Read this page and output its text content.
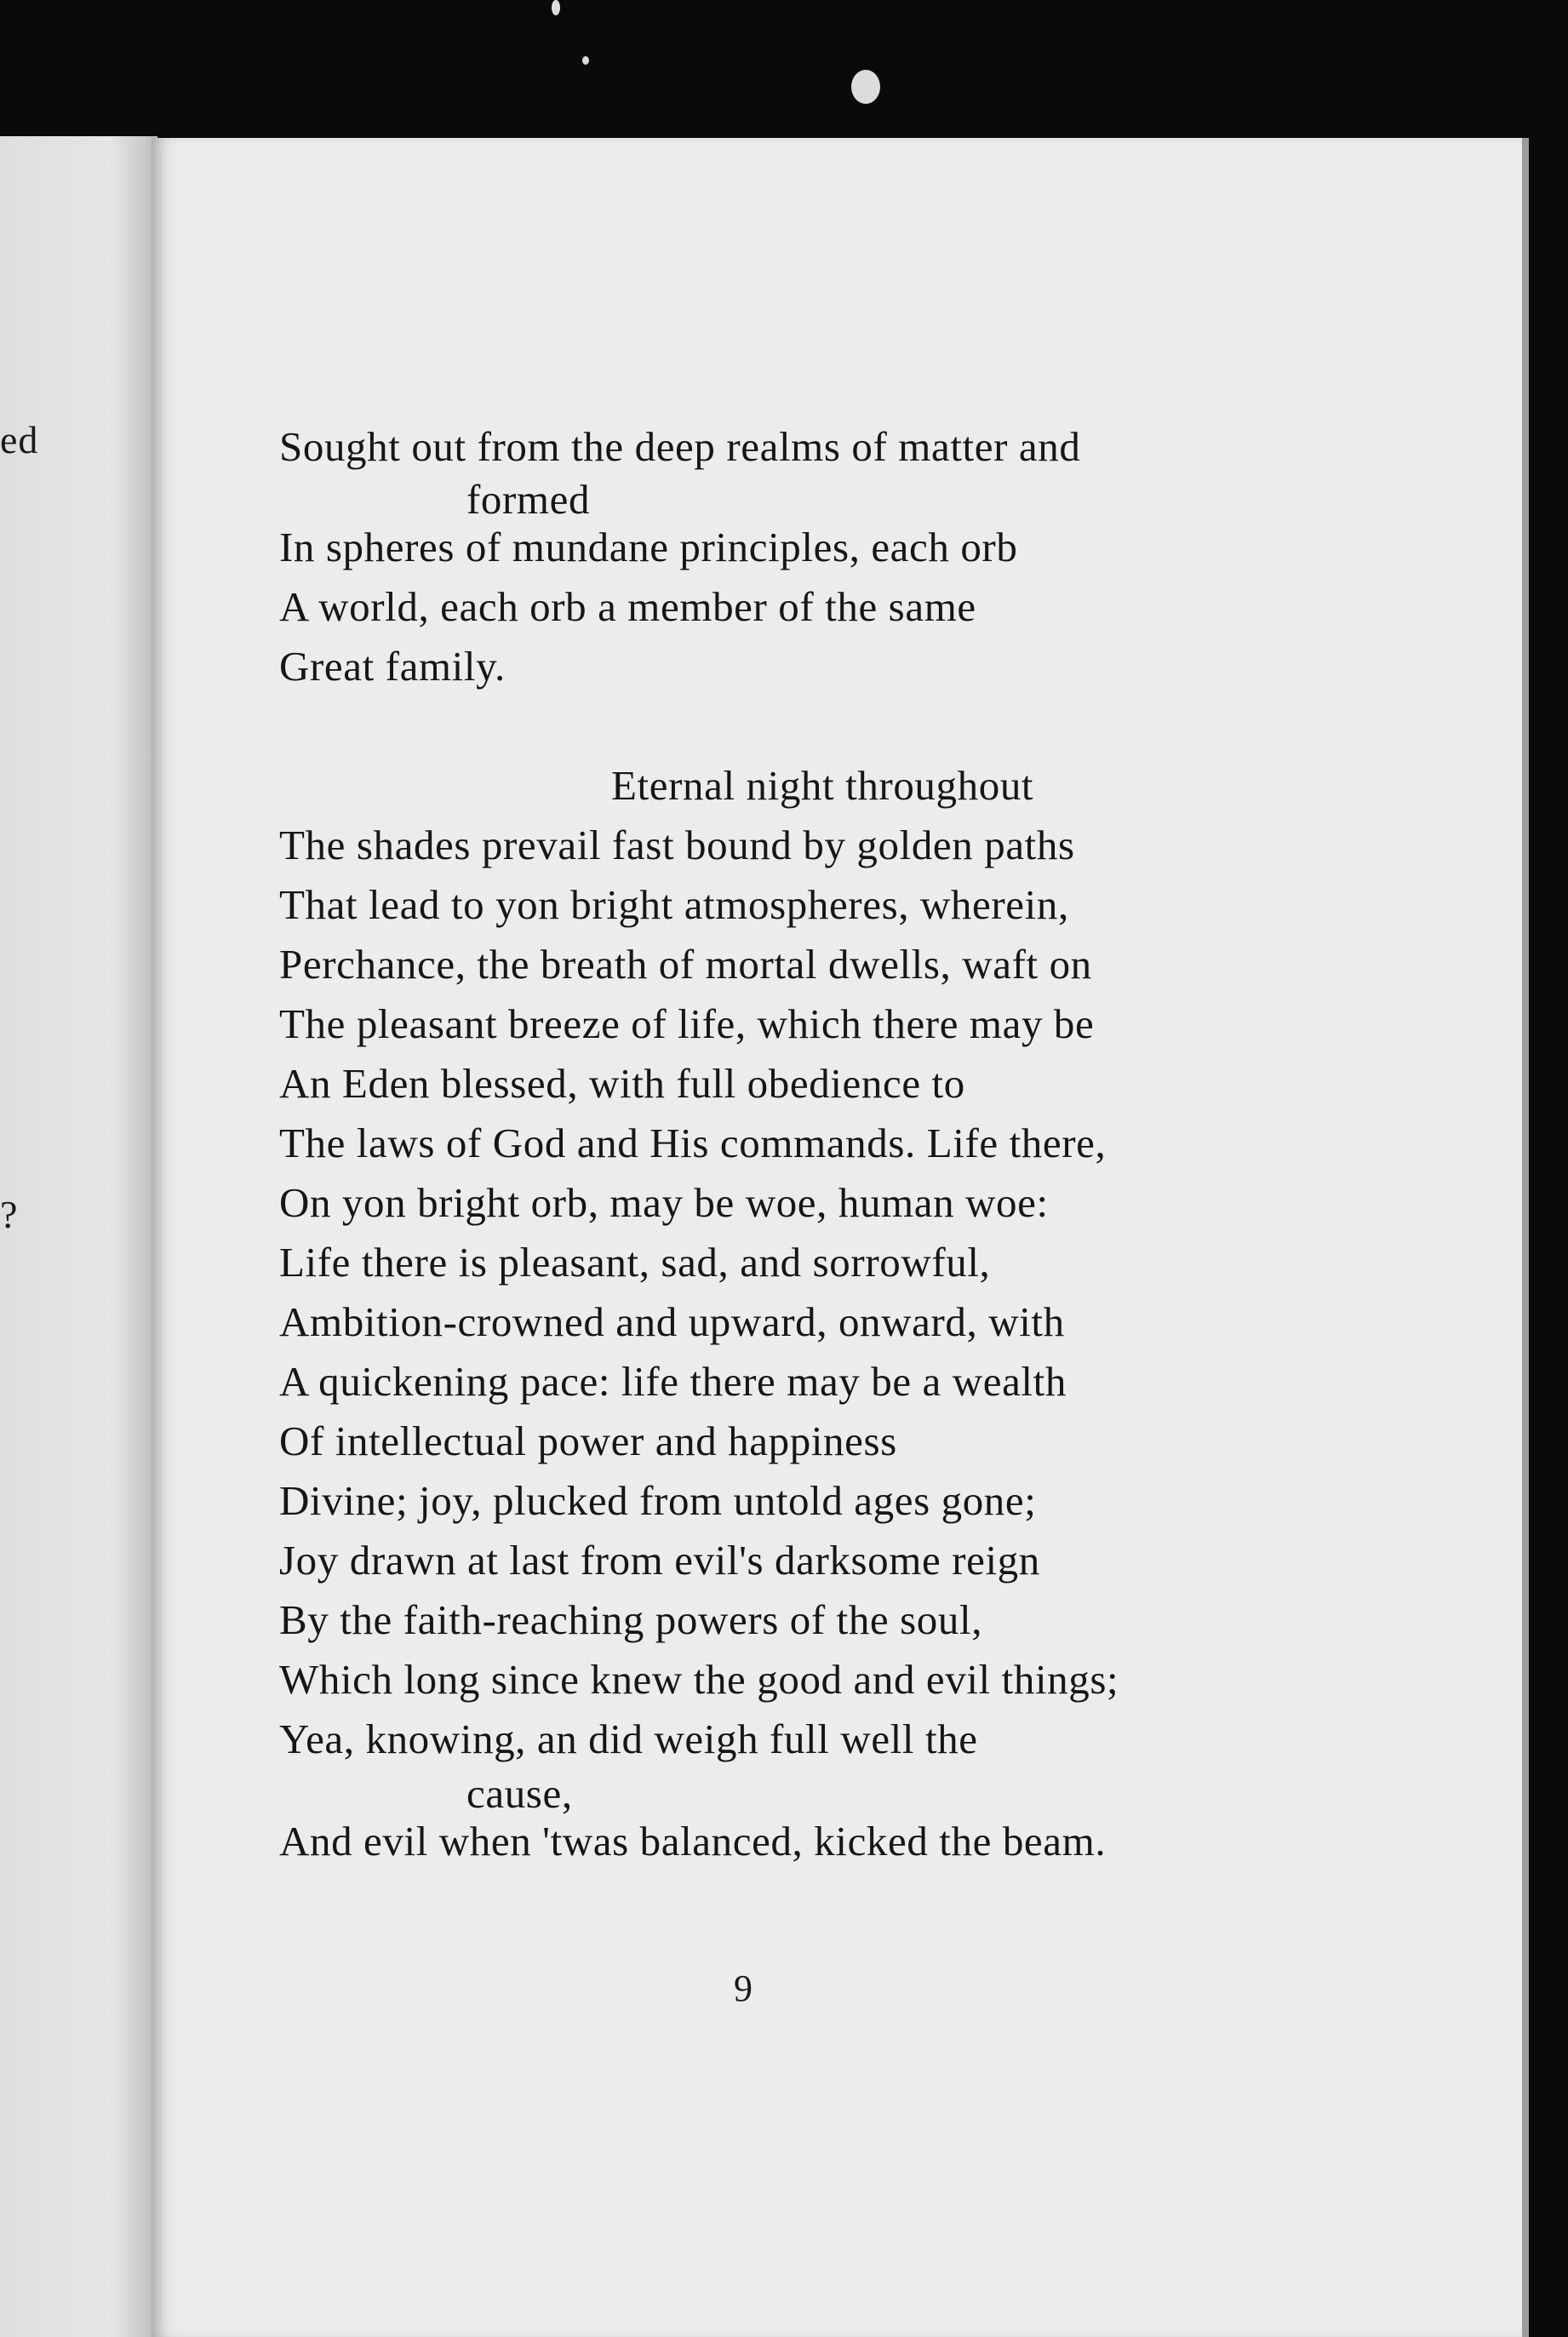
ed
?
Sought out from the deep realms of matter and
formed
In spheres of mundane principles, each orb
A world, each orb a member of the same
Great family.
Eternal night throughout
The shades prevail fast bound by golden paths
That lead to yon bright atmospheres, wherein,
Perchance, the breath of mortal dwells, waft on
The pleasant breeze of life, which there may be
An Eden blessed, with full obedience to
The laws of God and His commands. Life there,
On yon bright orb, may be woe, human woe:
Life there is pleasant, sad, and sorrowful,
Ambition-crowned and upward, onward, with
A quickening pace: life there may be a wealth
Of intellectual power and happiness
Divine; joy, plucked from untold ages gone;
Joy drawn at last from evil's darksome reign
By the faith-reaching powers of the soul,
Which long since knew the good and evil things;
Yea, knowing, an did weigh full well the
cause,
And evil when 'twas balanced, kicked the beam.
9
